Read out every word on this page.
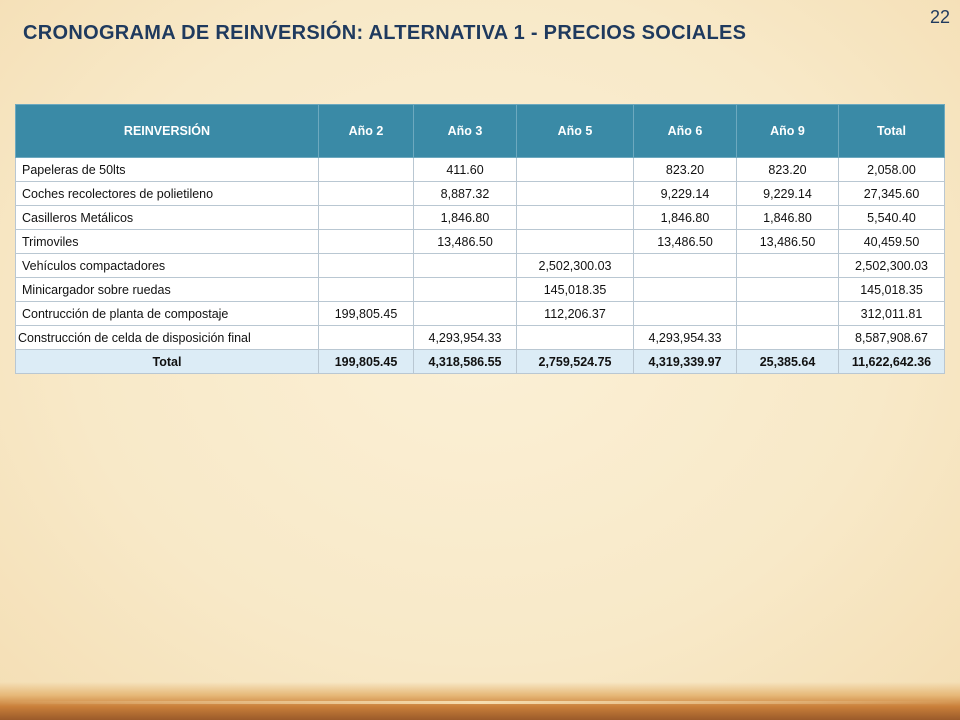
CRONOGRAMA DE REINVERSIÓN: ALTERNATIVA 1 - PRECIOS SOCIALES
22
REINVERSIÓN	Año 2	Año 3	Año 5	Año 6	Año 9	Total
Papeleras de 50lts		411.60		823.20	823.20	2,058.00
Coches recolectores de polietileno		8,887.32		9,229.14	9,229.14	27,345.60
Casilleros Metálicos		1,846.80		1,846.80	1,846.80	5,540.40
Trimoviles		13,486.50		13,486.50	13,486.50	40,459.50
Vehículos compactadores			2,502,300.03			2,502,300.03
Minicargador sobre ruedas			145,018.35			145,018.35
Contrucción de planta de compostaje	199,805.45		112,206.37			312,011.81
Construcción de celda de disposición final		4,293,954.33		4,293,954.33		8,587,908.67
Total	199,805.45	4,318,586.55	2,759,524.75	4,319,339.97	25,385.64	11,622,642.36
